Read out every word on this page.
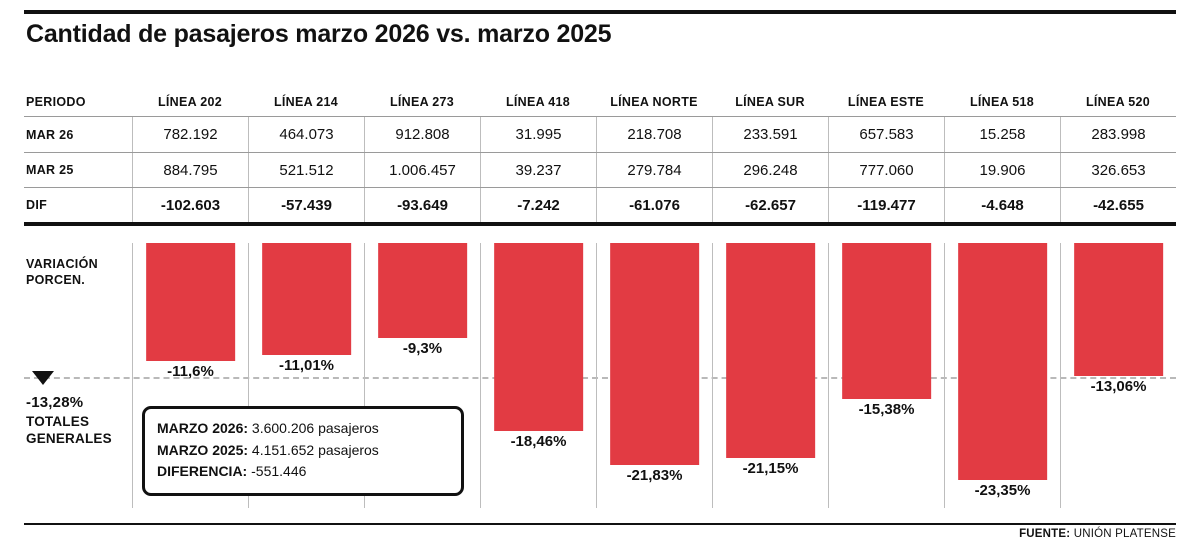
Cantidad de pasajeros marzo 2026 vs. marzo 2025
PERIODO	LÍNEA 202	LÍNEA 214	LÍNEA 273	LÍNEA 418	LÍNEA NORTE	LÍNEA SUR	LÍNEA ESTE	LÍNEA 518	LÍNEA 520
MAR 26	782.192	464.073	912.808	31.995	218.708	233.591	657.583	15.258	283.998
MAR 25	884.795	521.512	1.006.457	39.237	279.784	296.248	777.060	19.906	326.653
DIF	-102.603	-57.439	-93.649	-7.242	-61.076	-62.657	-119.477	-4.648	-42.655
VARIACIÓN
PORCEN.
-13,28%
TOTALES
GENERALES
-11,6%	-11,01%
-9,3%
-18,46%
-21,83%	-21,15%
-15,38%
-23,35%
-13,06%
MARZO 2026: 3.600.206 pasajeros
MARZO 2025: 4.151.652 pasajeros
DIFERENCIA: -551.446
FUENTE: UNIÓN PLATENSE
